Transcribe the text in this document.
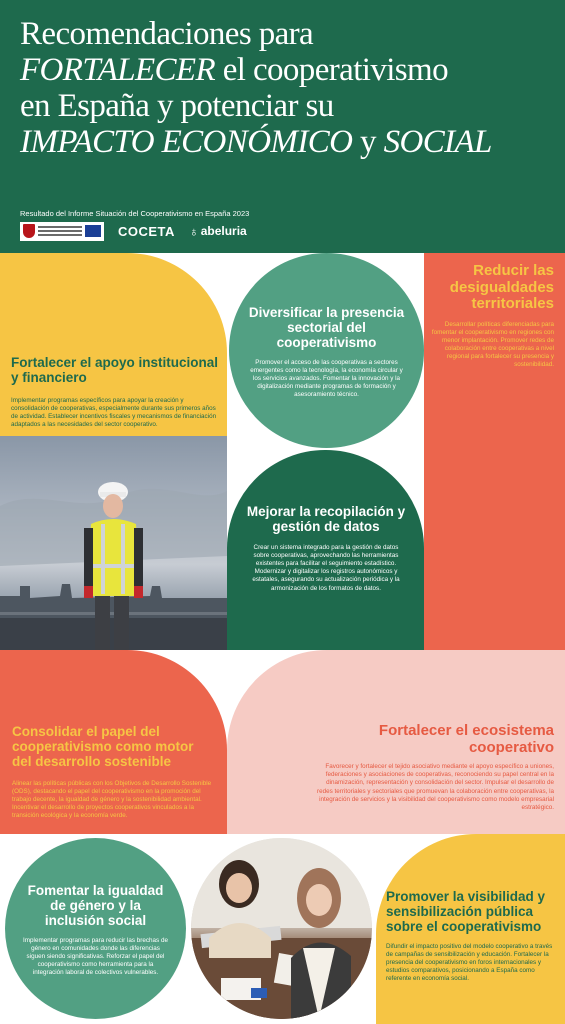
Recomendaciones para
FORTALECER el cooperativismo
en España y potenciar su
IMPACTO ECONÓMICO y SOCIAL
Resultado del Informe Situación del Cooperativismo en España 2023
COCETA ♁ abeluria
Fortalecer el apoyo institucional y financiero
Implementar programas específicos para apoyar la creación y consolidación de cooperativas, especialmente durante sus primeros años de actividad. Establecer incentivos fiscales y mecanismos de financiación adaptados a las necesidades del sector cooperativo.
Diversificar la presencia sectorial del cooperativismo
Promover el acceso de las cooperativas a sectores emergentes como la tecnología, la economía circular y los servicios avanzados. Fomentar la innovación y la digitalización mediante programas de formación y asesoramiento técnico.
Reducir las desigualdades territoriales
Desarrollar políticas diferenciadas para fomentar el cooperativismo en regiones con menor implantación. Promover redes de colaboración entre cooperativas a nivel regional para fortalecer su presencia y sostenibilidad.
Mejorar la recopilación y gestión de datos
Crear un sistema integrado para la gestión de datos sobre cooperativas, aprovechando las herramientas existentes para facilitar el seguimiento estadístico. Modernizar y digitalizar los registros autonómicos y estatales, asegurando su actualización periódica y la armonización de los formatos de datos.
Consolidar el papel del cooperativismo como motor del desarrollo sostenible
Alinear las políticas públicas con los Objetivos de Desarrollo Sostenible (ODS), destacando el papel del cooperativismo en la promoción del trabajo decente, la igualdad de género y la sostenibilidad ambiental. Incentivar el desarrollo de proyectos cooperativos vinculados a la transición ecológica y la economía verde.
Fortalecer el ecosistema cooperativo
Favorecer y fortalecer el tejido asociativo mediante el apoyo específico a uniones, federaciones y asociaciones de cooperativas, reconociendo su papel central en la dinamización, representación y consolidación del sector. Impulsar el desarrollo de redes territoriales y sectoriales que promuevan la colaboración entre cooperativas, la integración de servicios y la visibilidad del cooperativismo como modelo empresarial estratégico.
Fomentar la igualdad de género y la inclusión social
Implementar programas para reducir las brechas de género en comunidades donde las diferencias siguen siendo significativas. Reforzar el papel del cooperativismo como herramienta para la integración laboral de colectivos vulnerables.
Promover la visibilidad y sensibilización pública sobre el cooperativismo
Difundir el impacto positivo del modelo cooperativo a través de campañas de sensibilización y educación. Fortalecer la presencia del cooperativismo en foros internacionales y estudios comparativos, posicionando a España como referente en economía social.
